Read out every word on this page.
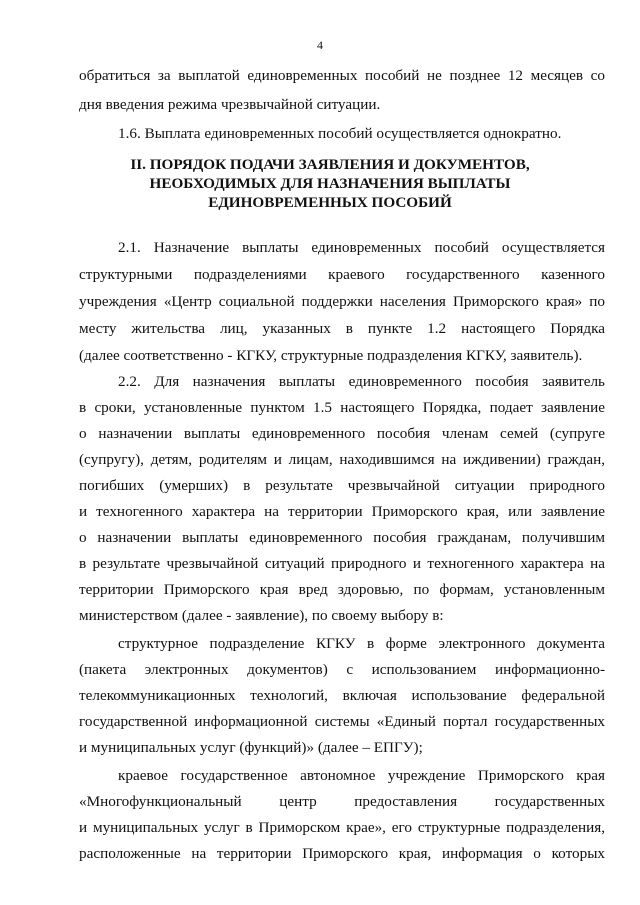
4
обратиться за выплатой единовременных пособий не позднее 12 месяцев со
дня введения режима чрезвычайной ситуации.
1.6. Выплата единовременных пособий осуществляется однократно.
II. ПОРЯДОК ПОДАЧИ ЗАЯВЛЕНИЯ И ДОКУМЕНТОВ,
НЕОБХОДИМЫХ ДЛЯ НАЗНАЧЕНИЯ ВЫПЛАТЫ
ЕДИНОВРЕМЕННЫХ ПОСОБИЙ
2.1. Назначение выплаты единовременных пособий осуществляется
структурными подразделениями краевого государственного казенного
учреждения «Центр социальной поддержки населения Приморского края» по
месту жительства лиц, указанных в пункте 1.2 настоящего Порядка
(далее соответственно - КГКУ, структурные подразделения КГКУ, заявитель).
2.2. Для назначения выплаты единовременного пособия заявитель
в сроки, установленные пунктом 1.5 настоящего Порядка, подает заявление
о назначении выплаты единовременного пособия членам семей (супруге
(супругу), детям, родителям и лицам, находившимся на иждивении) граждан,
погибших (умерших) в результате чрезвычайной ситуации природного
и техногенного характера на территории Приморского края, или заявление
о назначении выплаты единовременного пособия гражданам, получившим
в результате чрезвычайной ситуаций природного и техногенного характера на
территории Приморского края вред здоровью, по формам, установленным
министерством (далее - заявление), по своему выбору в:
структурное подразделение КГКУ в форме электронного документа
(пакета электронных документов) с использованием информационно-
телекоммуникационных технологий, включая использование федеральной
государственной информационной системы «Единый портал государственных
и муниципальных услуг (функций)» (далее – ЕПГУ);
краевое государственное автономное учреждение Приморского края
«Многофункциональный центр предоставления государственных
и муниципальных услуг в Приморском крае», его структурные подразделения,
расположенные на территории Приморского края, информация о которых
